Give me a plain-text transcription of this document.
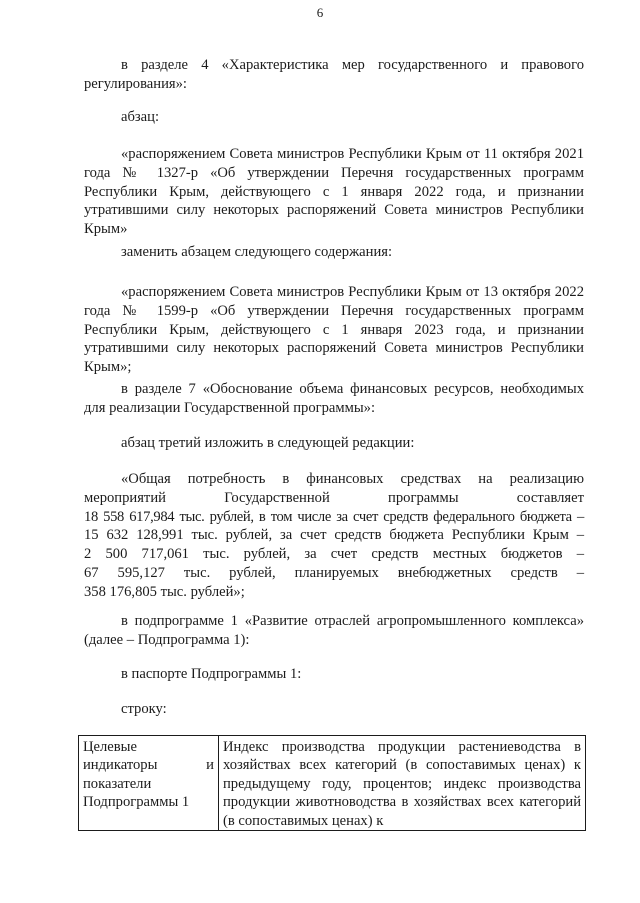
6

в разделе 4 «Характеристика мер государственного и правового регулирования»:

абзац:

«распоряжением Совета министров Республики Крым от 11 октября 2021 года № 1327-р «Об утверждении Перечня государственных программ Республики Крым, действующего с 1 января 2022 года, и признании утратившими силу некоторых распоряжений Совета министров Республики Крым»

заменить абзацем следующего содержания:

«распоряжением Совета министров Республики Крым от 13 октября 2022 года № 1599-р «Об утверждении Перечня государственных программ Республики Крым, действующего с 1 января 2023 года, и признании утратившими силу некоторых распоряжений Совета министров Республики Крым»;

в разделе 7 «Обоснование объема финансовых ресурсов, необходимых для реализации Государственной программы»:

абзац третий изложить в следующей редакции:

«Общая потребность в финансовых средствах на реализацию
мероприятий Государственной программы составляет
18 558 617,984 тыс. рублей, в том числе за счет средств федерального бюджета –
15 632 128,991 тыс. рублей, за счет средств бюджета Республики Крым –
2 500 717,061 тыс. рублей, за счет средств местных бюджетов –
67 595,127 тыс. рублей, планируемых внебюджетных средств –
358 176,805 тыс. рублей»;

в подпрограмме 1 «Развитие отраслей агропромышленного комплекса» (далее – Подпрограмма 1):

в паспорте Подпрограммы 1:

строку:

Целевые
индикаторы и
показатели
Подпрограммы 1
	Индекс производства продукции растениеводства в хозяйствах всех категорий (в сопоставимых ценах) к предыдущему году, процентов; индекс производства продукции животноводства в хозяйствах всех категорий (в сопоставимых ценах) к
